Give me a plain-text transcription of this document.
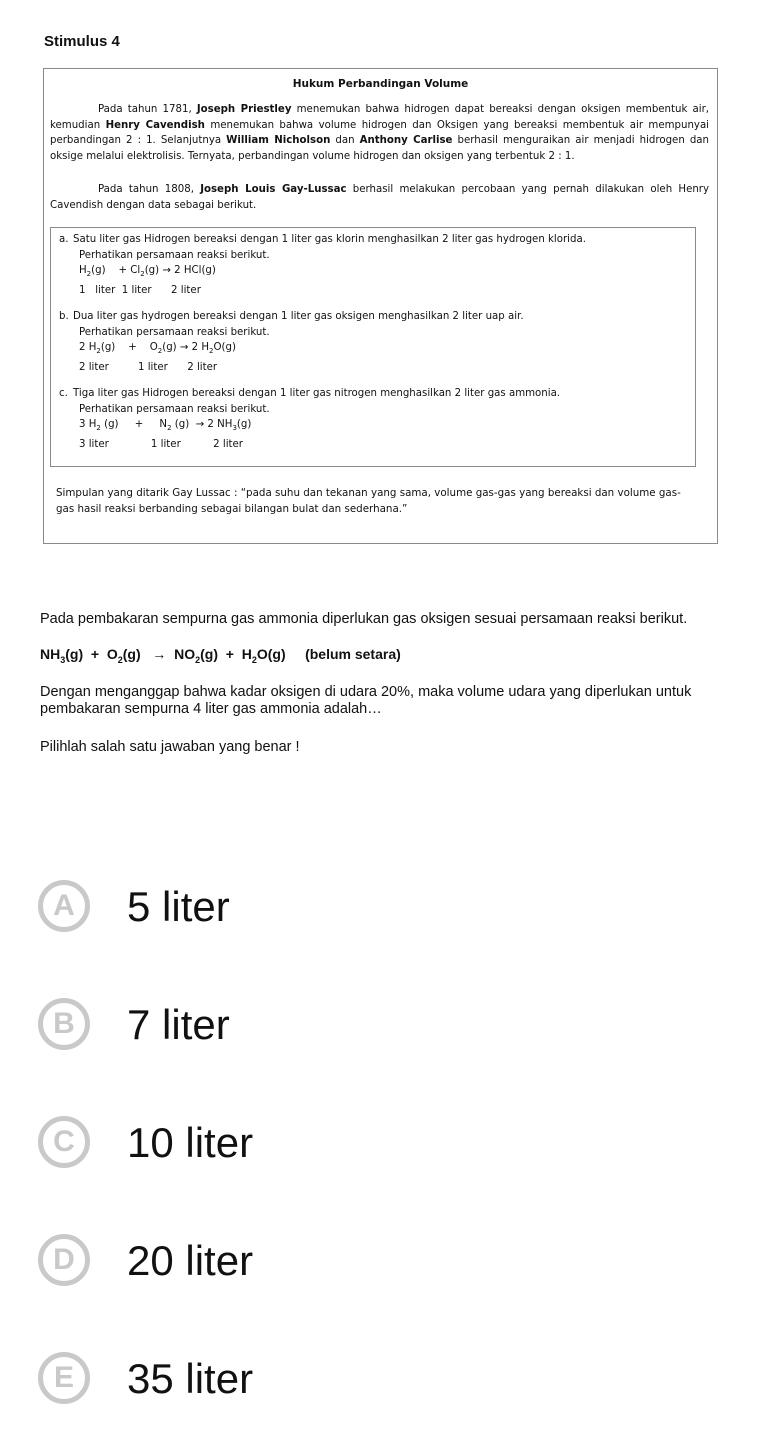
Stimulus 4
Hukum Perbandingan Volume
Pada tahun 1781, Joseph Priestley menemukan bahwa hidrogen dapat bereaksi dengan oksigen membentuk air, kemudian Henry Cavendish menemukan bahwa volume hidrogen dan Oksigen yang bereaksi membentuk air mempunyai perbandingan 2 : 1. Selanjutnya William Nicholson dan Anthony Carlise berhasil menguraikan air menjadi hidrogen dan oksige melalui elektrolisis. Ternyata, perbandingan volume hidrogen dan oksigen yang terbentuk 2 : 1.
Pada tahun 1808, Joseph Louis Gay-Lussac berhasil melakukan percobaan yang pernah dilakukan oleh Henry Cavendish dengan data sebagai berikut.
a. Satu liter gas Hidrogen bereaksi dengan 1 liter gas klorin menghasilkan 2 liter gas hydrogen klorida.
Perhatikan persamaan reaksi berikut.
$H_2(g)$    + $Cl_2(g) \to 2$ HCl(g)
1   liter  1 liter      2 liter
b. Dua liter gas hydrogen bereaksi dengan 1 liter gas oksigen menghasilkan 2 liter uap air.
Perhatikan persamaan reaksi berikut.
2 $H_2(g)$    +    $O_2(g) \to 2$ $H_2O(g)$
2 liter         1 liter      2 liter
c. Tiga liter gas Hidrogen bereaksi dengan 1 liter gas nitrogen menghasilkan 2 liter gas ammonia.
Perhatikan persamaan reaksi berikut.
3 $H_2$ (g)     +     $N_2$ (g)  → 2 $NH_3(g)$
3 liter             1 liter          2 liter
Simpulan yang ditarik Gay Lussac : “pada suhu dan tekanan yang sama, volume gas-gas yang bereaksi dan volume gas-gas hasil reaksi berbanding sebagai bilangan bulat dan sederhana.”
Pada pembakaran sempurna gas ammonia diperlukan gas oksigen sesuai persamaan reaksi berikut.
$NH_3(g) + O_2(g) \to NO_2(g) + H_2O(g)$     (belum setara)
Dengan menganggap bahwa kadar oksigen di udara 20%, maka volume udara yang diperlukan untuk pembakaran sempurna 4 liter gas ammonia adalah…
Pilihlah salah satu jawaban yang benar !
A	5 liter
B	7 liter
C	10 liter
D	20 liter
E	35 liter
